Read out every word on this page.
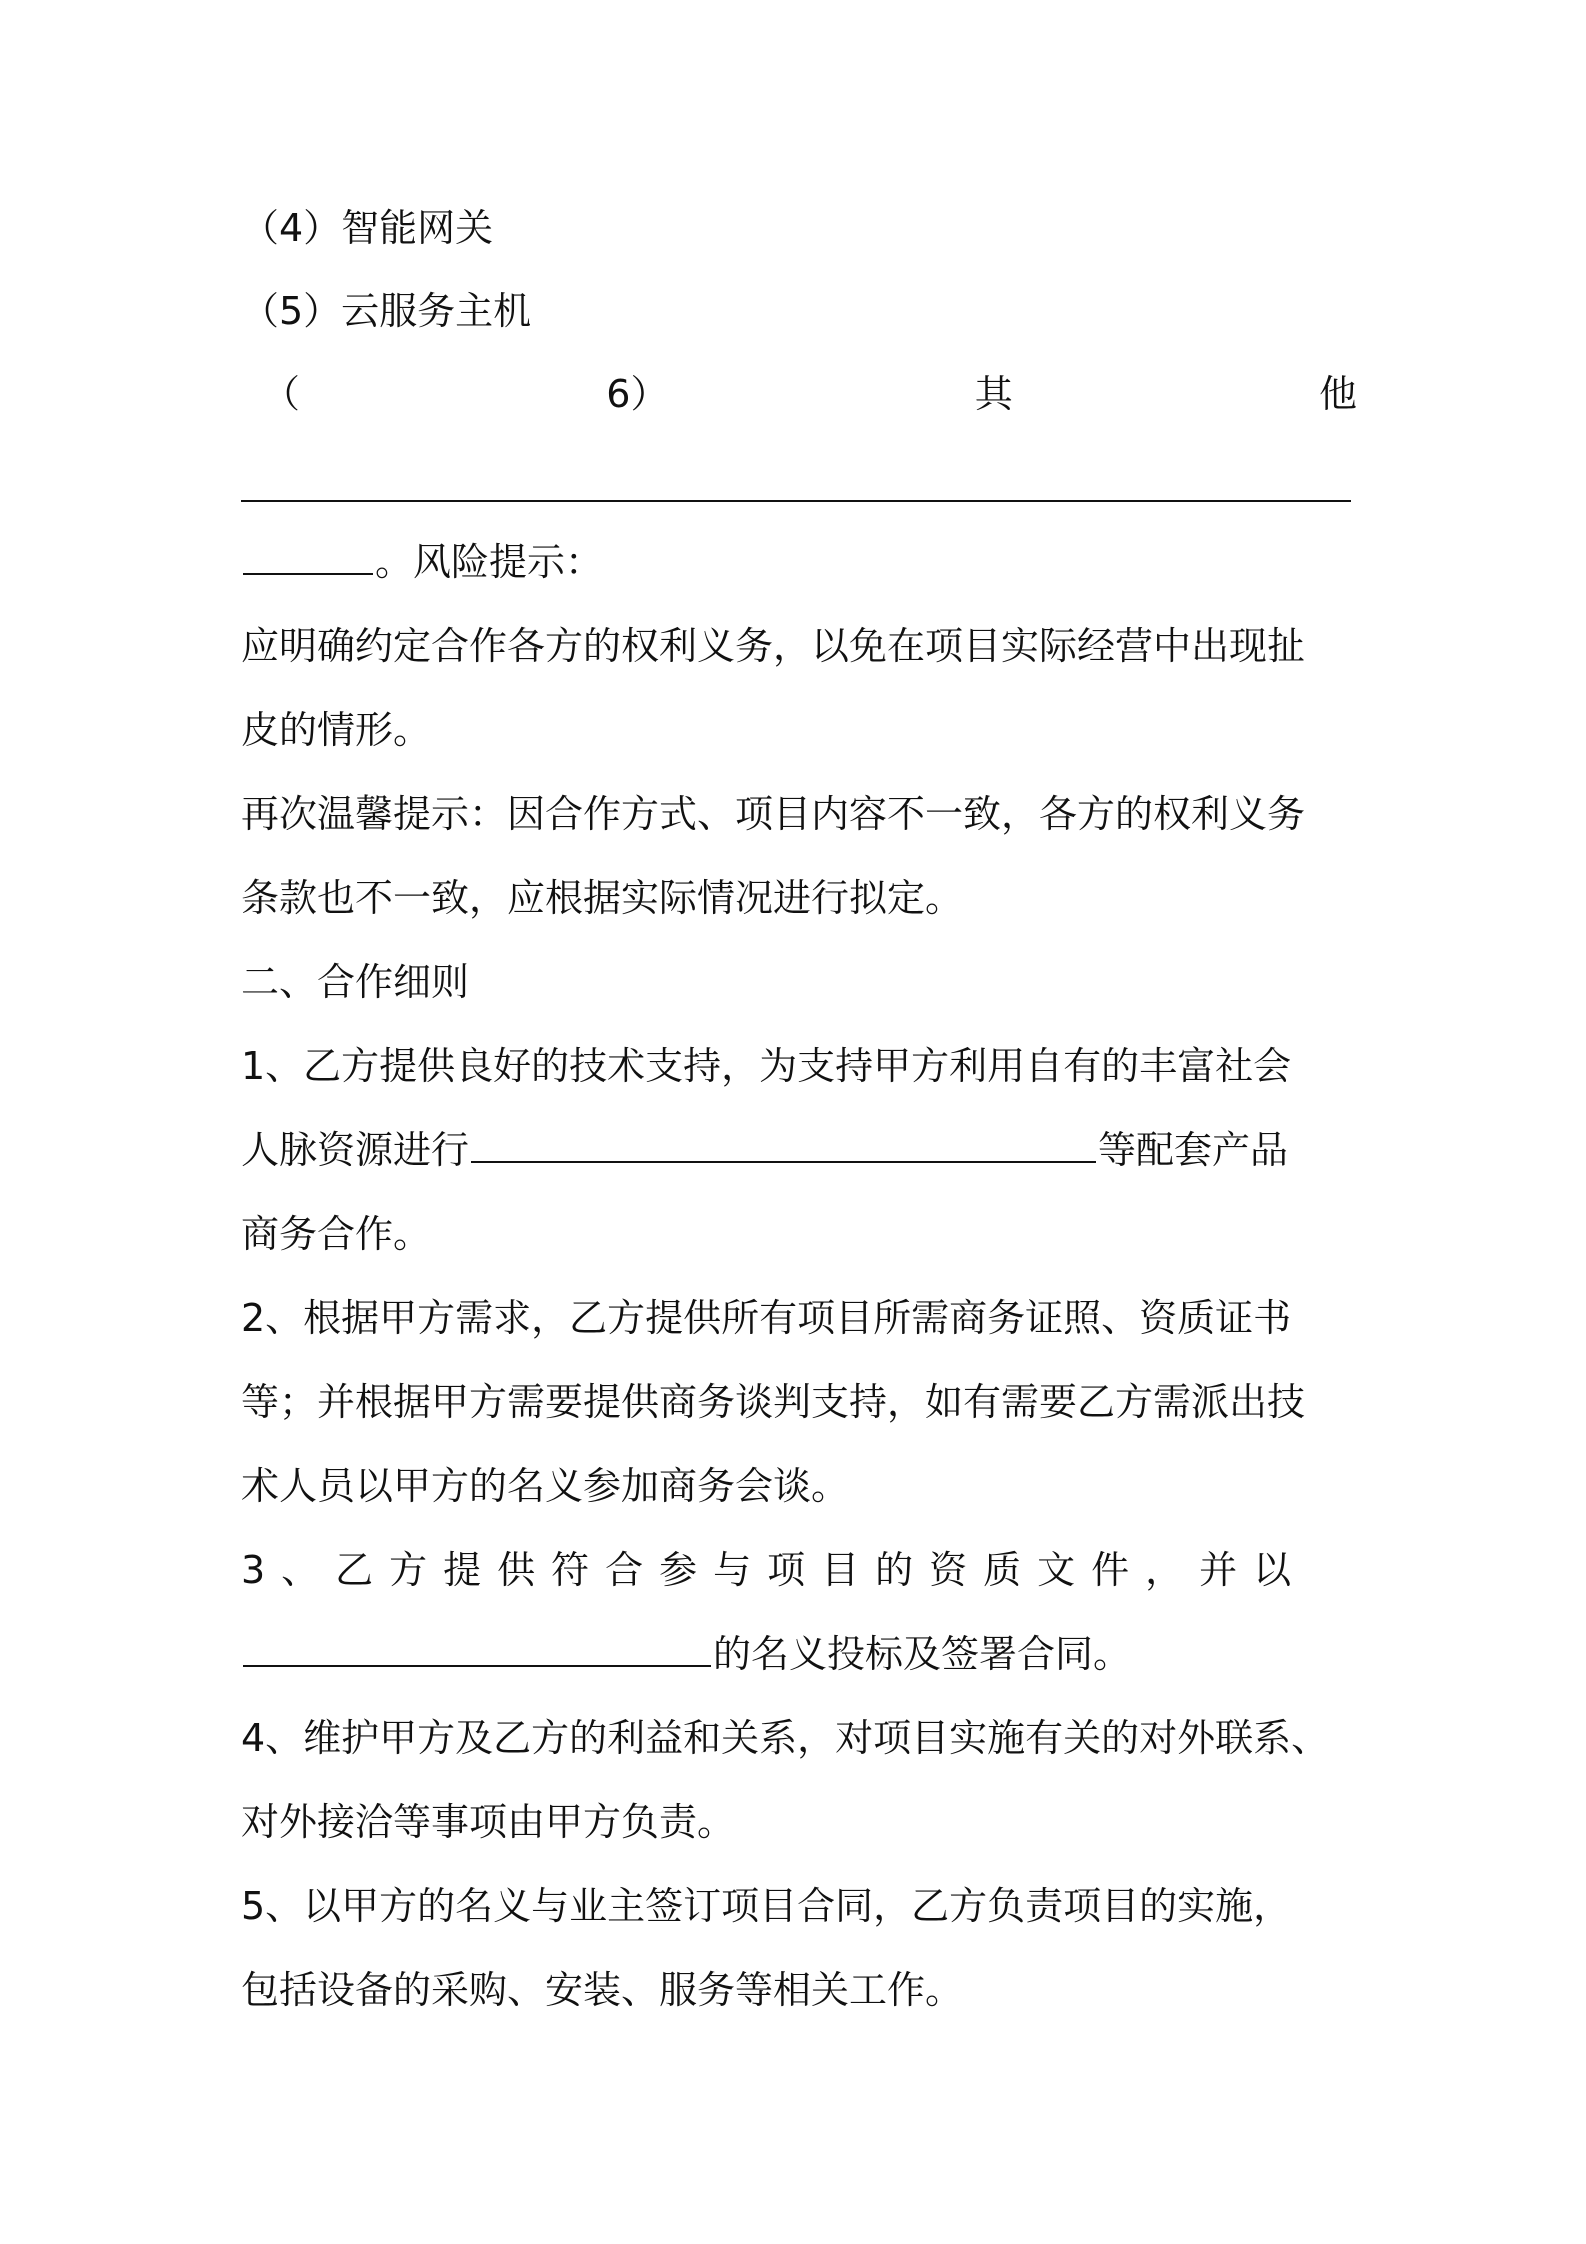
（4）智能网关
（5）云服务主机
（	6）	其	他
。风险提示：
应明确约定合作各方的权利义务，以免在项目实际经营中出现扯
皮的情形。
再次温馨提示：因合作方式、项目内容不一致，各方的权利义务
条款也不一致，应根据实际情况进行拟定。
二、合作细则
1、乙方提供良好的技术支持，为支持甲方利用自有的丰富社会
人脉资源进行	等配套产品
商务合作。
2、根据甲方需求，乙方提供所有项目所需商务证照、资质证书
等；并根据甲方需要提供商务谈判支持，如有需要乙方需派出技
术人员以甲方的名义参加商务会谈。
3、乙方提供符合参与项目的资质文件，并以
的名义投标及签署合同。
4、维护甲方及乙方的利益和关系，对项目实施有关的对外联系、
对外接洽等事项由甲方负责。
5、以甲方的名义与业主签订项目合同，乙方负责项目的实施，
包括设备的采购、安装、服务等相关工作。
